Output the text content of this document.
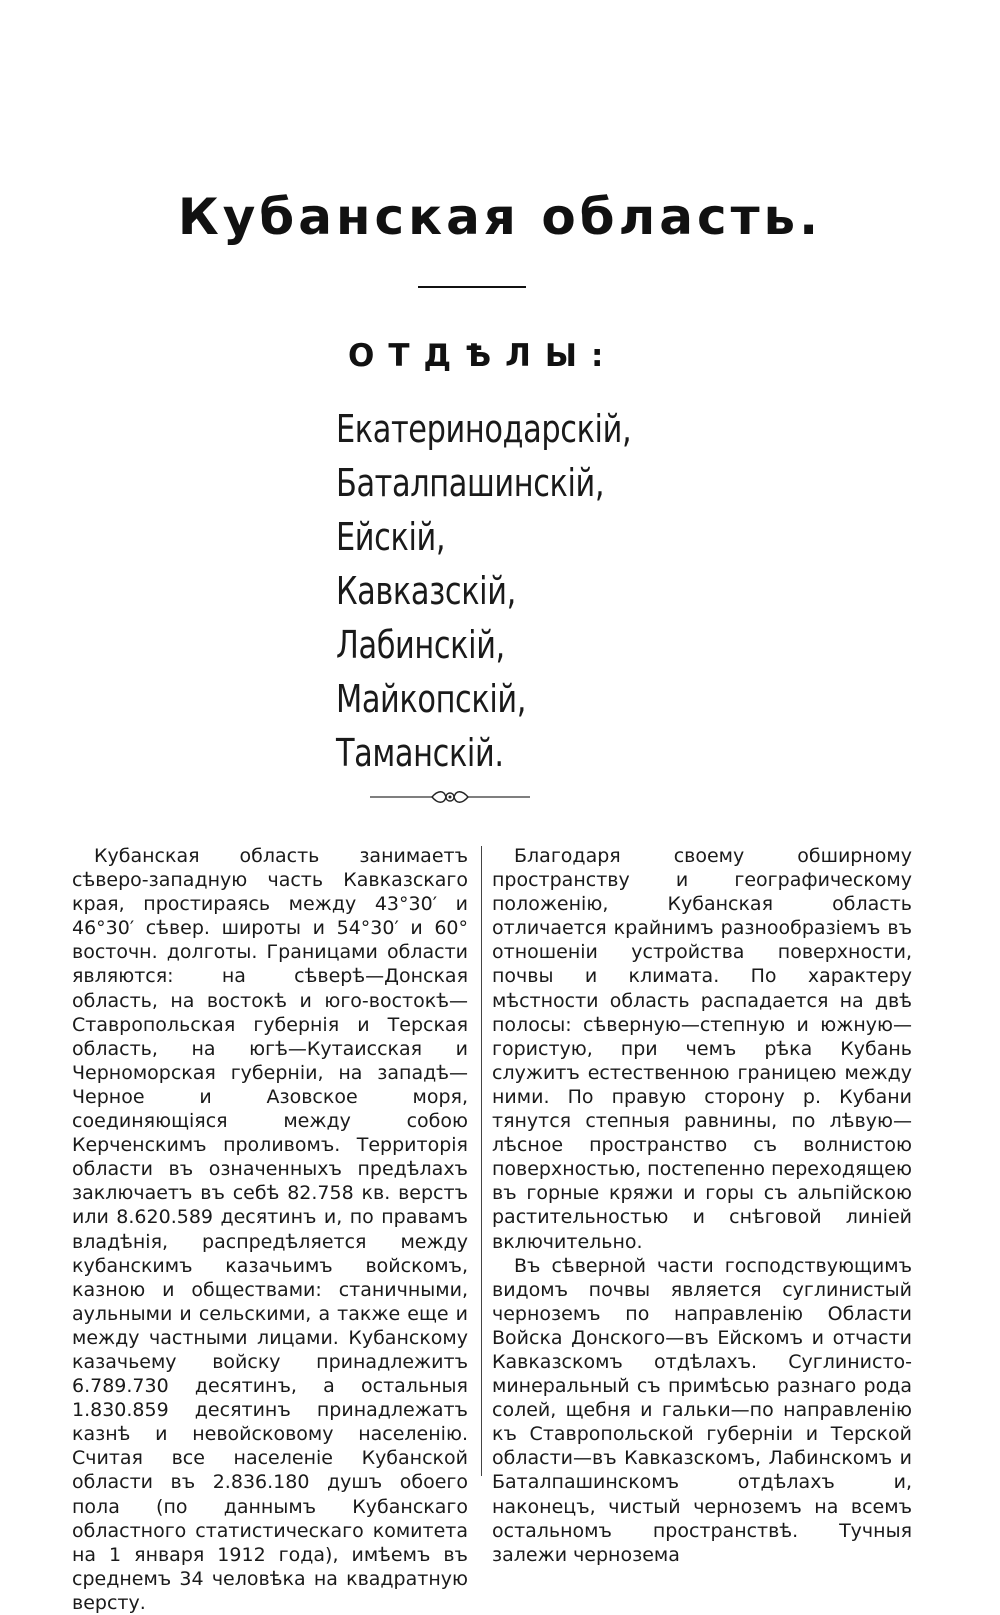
Кубанская область.
ОТДѢЛЫ:
Екатеринодарскій,
Баталпашинскій,
Ейскій,
Кавказскій,
Лабинскій,
Майкопскій,
Таманскій.

Кубанская область занимаетъ сѣверо-западную часть Кавказскаго края, простираясь между 43°30′ и 46°30′ сѣвер. широты и 54°30′ и 60° восточн. долготы. Границами области являются: на сѣверѣ—Донская область, на востокѣ и юго-востокѣ—Ставропольская губернія и Терская область, на югѣ—Кутаисская и Черноморская губерніи, на западѣ—Черное и Азовское моря, соединяющіяся между собою Керченскимъ проливомъ. Территорія области въ означенныхъ предѣлахъ заключаетъ въ себѣ 82.758 кв. верстъ или 8.620.589 десятинъ и, по правамъ владѣнія, распредѣляется между кубанскимъ казачьимъ войскомъ, казною и обществами: станичными, аульными и сельскими, а также еще и между частными лицами. Кубанскому казачьему войску принадлежитъ 6.789.730 десятинъ, а остальныя 1.830.859 десятинъ принадлежатъ казнѣ и невойсковому населенію. Считая все населеніе Кубанской области въ 2.836.180 душъ обоего пола (по даннымъ Кубанскаго областного статистическаго комитета на 1 января 1912 года), имѣемъ въ среднемъ 34 человѣка на квадратную версту.

Благодаря своему обширному пространству и географическому положенію, Кубанская область отличается крайнимъ разнообразіемъ въ отношеніи устройства поверхности, почвы и климата. По характеру мѣстности область распадается на двѣ полосы: сѣверную—степную и южную—гористую, при чемъ рѣка Кубань служитъ естественною границею между ними. По правую сторону р. Кубани тянутся степныя равнины, по лѣвую—лѣсное пространство съ волнистою поверхностью, постепенно переходящею въ горные кряжи и горы съ альпійскою растительностью и снѣговой линіей включительно.

Въ сѣверной части господствующимъ видомъ почвы является суглинистый черноземъ по направленію Области Войска Донского—въ Ейскомъ и отчасти Кавказскомъ отдѣлахъ. Суглинисто-минеральный съ примѣсью разнаго рода солей, щебня и гальки—по направленію къ Ставропольской губерніи и Терской области—въ Кавказскомъ, Лабинскомъ и Баталпашинскомъ отдѣлахъ и, наконецъ, чистый черноземъ на всемъ остальномъ пространствѣ. Тучныя залежи чернозема
